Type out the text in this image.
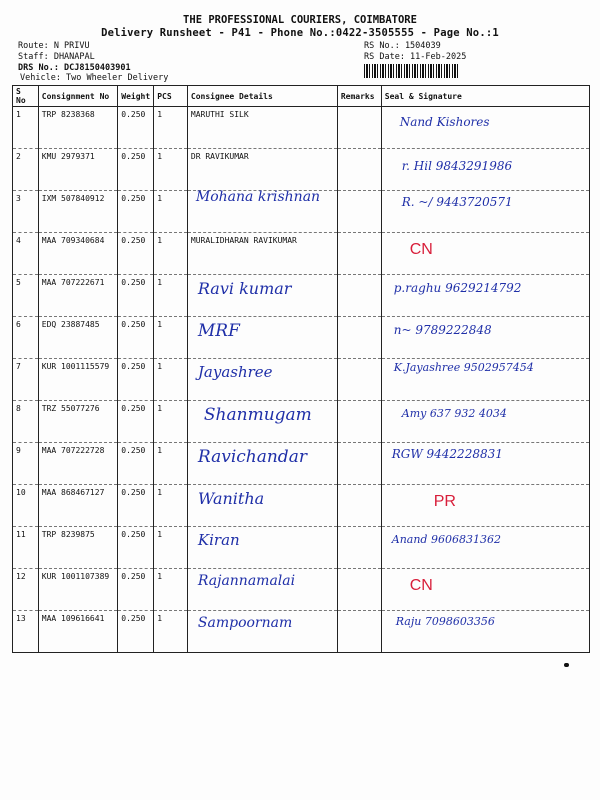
THE PROFESSIONAL COURIERS, COIMBATORE
Delivery Runsheet - P41 - Phone No.:0422-3505555 - Page No.:1
Route: N PRIVU
Staff: DHANAPAL
DRS No.: DCJ8150403901
RS No.: 1504039
RS Date: 11-Feb-2025
Vehicle: Two Wheeler Delivery
S No	Consignment No	Weight	PCS	Consignee Details	Remarks	Seal & Signature
1	TRP 8238368	0.250	1	MARUTHI SILK		Nand Kishores

2	KMU 2979371	0.250	1	DR RAVIKUMAR		r. Hil 9843291986

3	IXM 507840912	0.250	1	Mohana krishnan		R. ~/ 9443720571

4	MAA 709340684	0.250	1	MURALIDHARAN RAVIKUMAR		CN

5	MAA 707222671	0.250	1	Ravi kumar		p.raghu 9629214792

6	EDQ 23887485	0.250	1	MRF		n~ 9789222848

7	KUR 1001115579	0.250	1	Jayashree		K.Jayashree 9502957454

8	TRZ 55077276	0.250	1	Shanmugam		Amy 637 932 4034

9	MAA 707222728	0.250	1	Ravichandar		RGW 9442228831

10	MAA 868467127	0.250	1	Wanitha		PR

11	TRP 8239875	0.250	1	Kiran		Anand 9606831362

12	KUR 1001107389	0.250	1	Rajannamalai		CN

13	MAA 109616641	0.250	1	Sampoornam		Raju 7098603356
